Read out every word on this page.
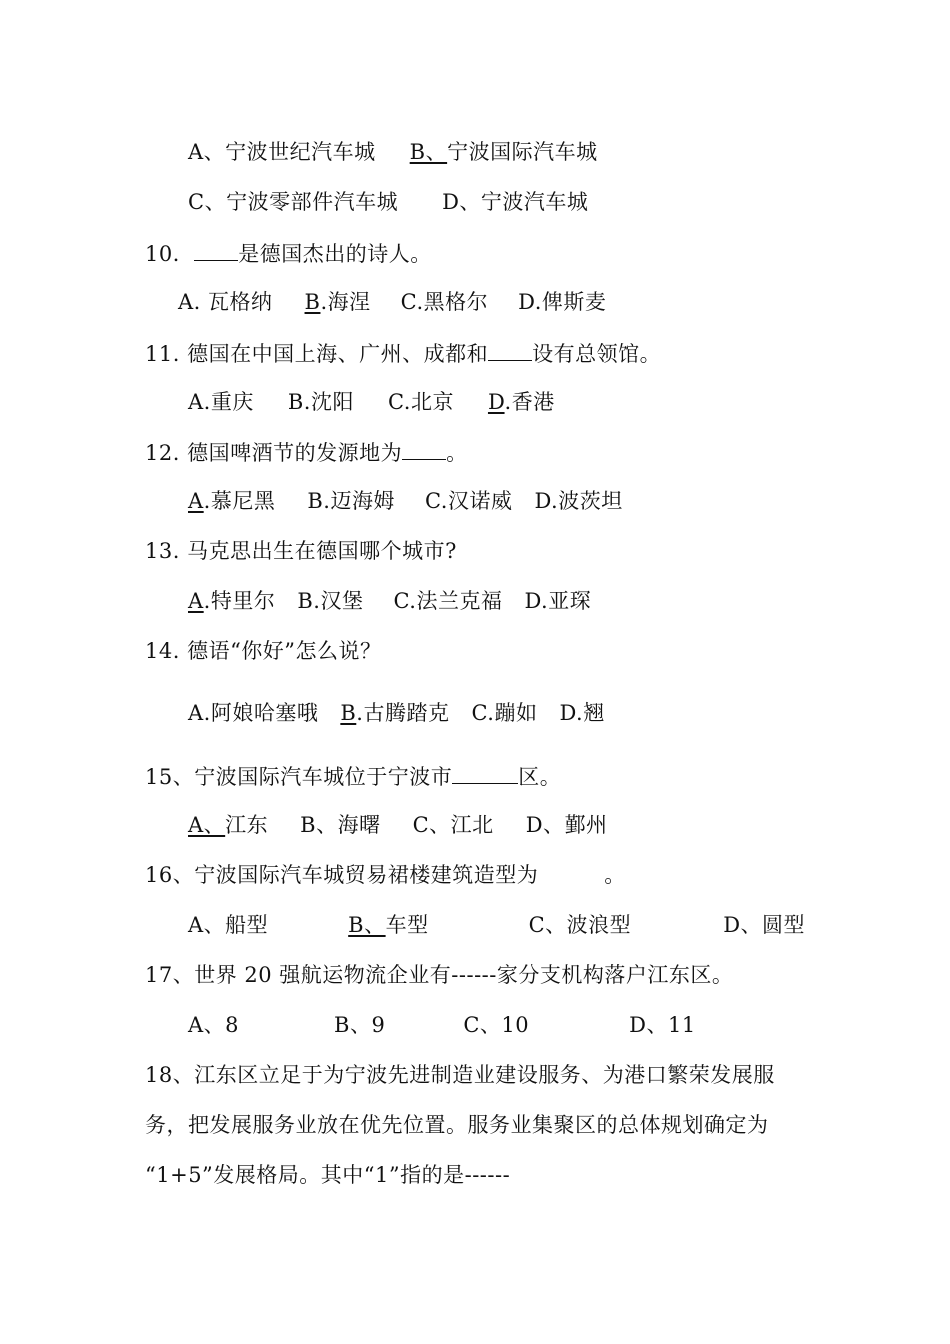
A、宁波世纪汽车城 B、宁波国际汽车城
C、宁波零部件汽车城 D、宁波汽车城
10． 是德国杰出的诗人。
A. 瓦格纳 B.海涅 C.黑格尔 D.俾斯麦
11. 德国在中国上海、广州、成都和 设有总领馆。
A.重庆 B.沈阳 C.北京 D.香港
12. 德国啤酒节的发源地为 。
A.慕尼黑 B.迈海姆 C.汉诺威 D.波茨坦
13. 马克思出生在德国哪个城市?
A.特里尔 B.汉堡 C.法兰克福 D.亚琛
14. 德语“你好”怎么说？
A.阿娘哈塞哦 B.古腾踏克 C.蹦如 D.翘
15、宁波国际汽车城位于宁波市	区。
A、江东 B、海曙 C、江北 D、鄞州
16、宁波国际汽车城贸易裙楼建筑造型为	。
A、船型	B、车型	C、波浪型	D、圆型
17、世界 20 强航运物流企业有------家分支机构落户江东区。
A、8	B、9	C、10	D、11
18、江东区立足于为宁波先进制造业建设服务、为港口繁荣发展服
务，把发展服务业放在优先位置。服务业集聚区的总体规划确定为
“1+5”发展格局。其中“1”指的是------
